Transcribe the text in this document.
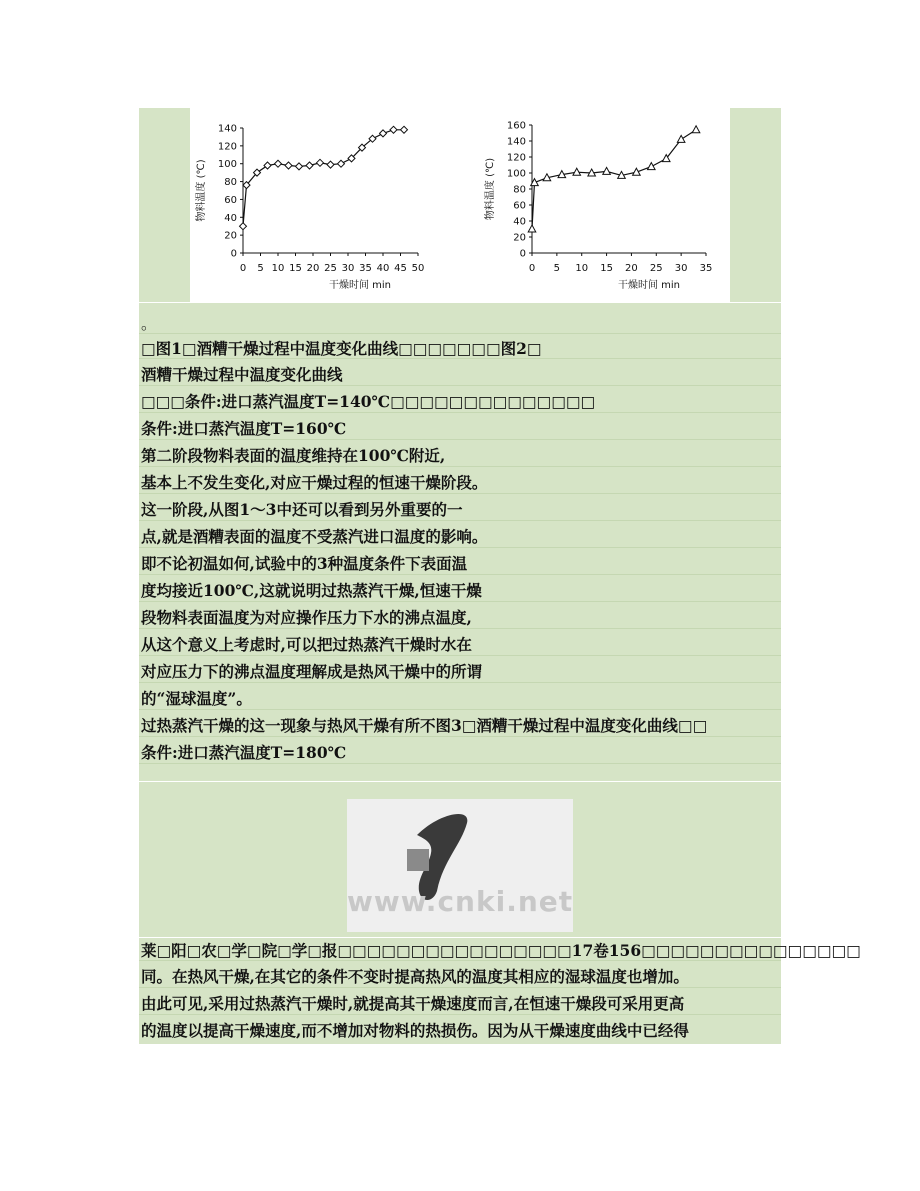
0
20
40
60
80
100
120
140
0 5 10 15 20 25 30 35 40 45 50
干燥时间 min
物料温度 (℃)
0
20
40
60
80
100
120
140
160
0 5 10 15 20 25 30 35
干燥时间 min
物料温度 (℃)
。
□图1□酒糟干燥过程中温度变化曲线□□□□□□□图2□
酒糟干燥过程中温度变化曲线
□□□条件:进口蒸汽温度T=140℃□□□□□□□□□□□□□□
条件:进口蒸汽温度T=160℃
第二阶段物料表面的温度维持在100℃附近,
基本上不发生变化,对应干燥过程的恒速干燥阶段。
这一阶段,从图1～3中还可以看到另外重要的一
点,就是酒糟表面的温度不受蒸汽进口温度的影响。
即不论初温如何,试验中的3种温度条件下表面温
度均接近100℃,这就说明过热蒸汽干燥,恒速干燥
段物料表面温度为对应操作压力下水的沸点温度,
从这个意义上考虑时,可以把过热蒸汽干燥时水在
对应压力下的沸点温度理解成是热风干燥中的所谓
的“湿球温度”。
过热蒸汽干燥的这一现象与热风干燥有所不图3□酒糟干燥过程中温度变化曲线□□
条件:进口蒸汽温度T=180℃
www.cnki.net
莱□阳□农□学□院□学□报□□□□□□□□□□□□□□□□17卷156□□□□□□□□□□□□□□□
同。在热风干燥,在其它的条件不变时提高热风的温度其相应的湿球温度也增加。
由此可见,采用过热蒸汽干燥时,就提高其干燥速度而言,在恒速干燥段可采用更高
的温度以提高干燥速度,而不增加对物料的热损伤。因为从干燥速度曲线中已经得
